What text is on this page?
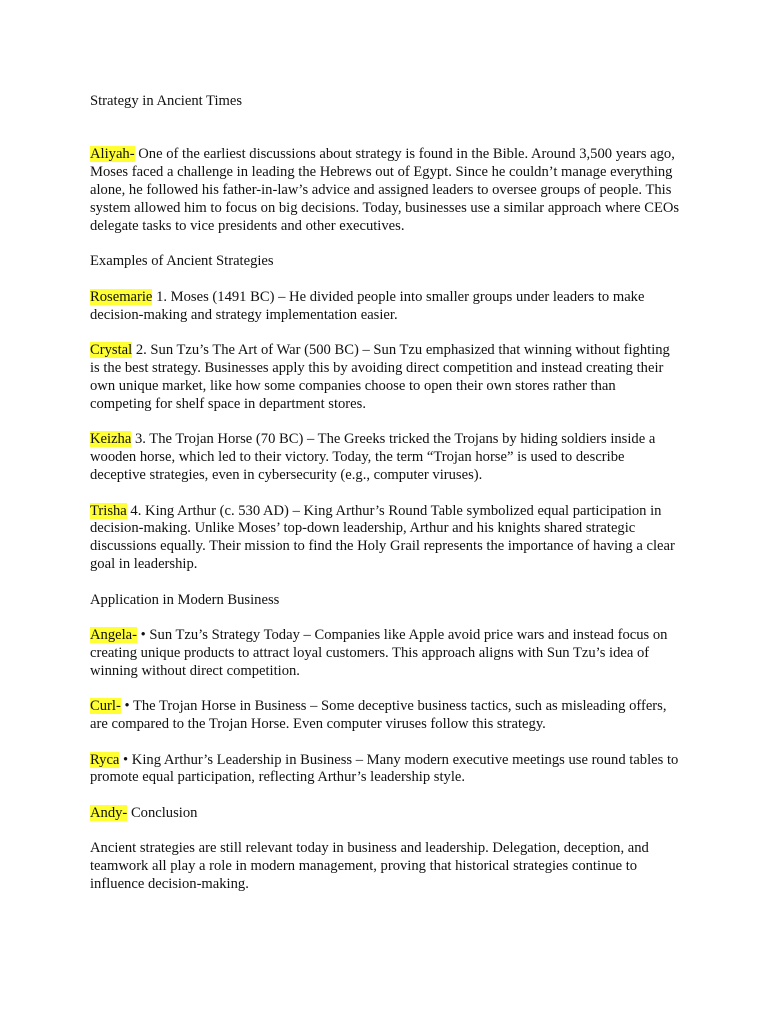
Strategy in Ancient Times

Aliyah- One of the earliest discussions about strategy is found in the Bible. Around 3,500 years ago, Moses faced a challenge in leading the Hebrews out of Egypt. Since he couldn’t manage everything alone, he followed his father-in-law’s advice and assigned leaders to oversee groups of people. This system allowed him to focus on big decisions. Today, businesses use a similar approach where CEOs delegate tasks to vice presidents and other executives.

Examples of Ancient Strategies

Rosemarie 1. Moses (1491 BC) – He divided people into smaller groups under leaders to make decision-making and strategy implementation easier.

Crystal 2. Sun Tzu’s The Art of War (500 BC) – Sun Tzu emphasized that winning without fighting is the best strategy. Businesses apply this by avoiding direct competition and instead creating their own unique market, like how some companies choose to open their own stores rather than competing for shelf space in department stores.

Keizha 3. The Trojan Horse (70 BC) – The Greeks tricked the Trojans by hiding soldiers inside a wooden horse, which led to their victory. Today, the term “Trojan horse” is used to describe deceptive strategies, even in cybersecurity (e.g., computer viruses).

Trisha 4. King Arthur (c. 530 AD) – King Arthur’s Round Table symbolized equal participation in decision-making. Unlike Moses’ top-down leadership, Arthur and his knights shared strategic discussions equally. Their mission to find the Holy Grail represents the importance of having a clear goal in leadership.

Application in Modern Business

Angela- • Sun Tzu’s Strategy Today – Companies like Apple avoid price wars and instead focus on creating unique products to attract loyal customers. This approach aligns with Sun Tzu’s idea of winning without direct competition.

Curl- • The Trojan Horse in Business – Some deceptive business tactics, such as misleading offers, are compared to the Trojan Horse. Even computer viruses follow this strategy.

Ryca • King Arthur’s Leadership in Business – Many modern executive meetings use round tables to promote equal participation, reflecting Arthur’s leadership style.

Andy- Conclusion

Ancient strategies are still relevant today in business and leadership. Delegation, deception, and teamwork all play a role in modern management, proving that historical strategies continue to influence decision-making.
